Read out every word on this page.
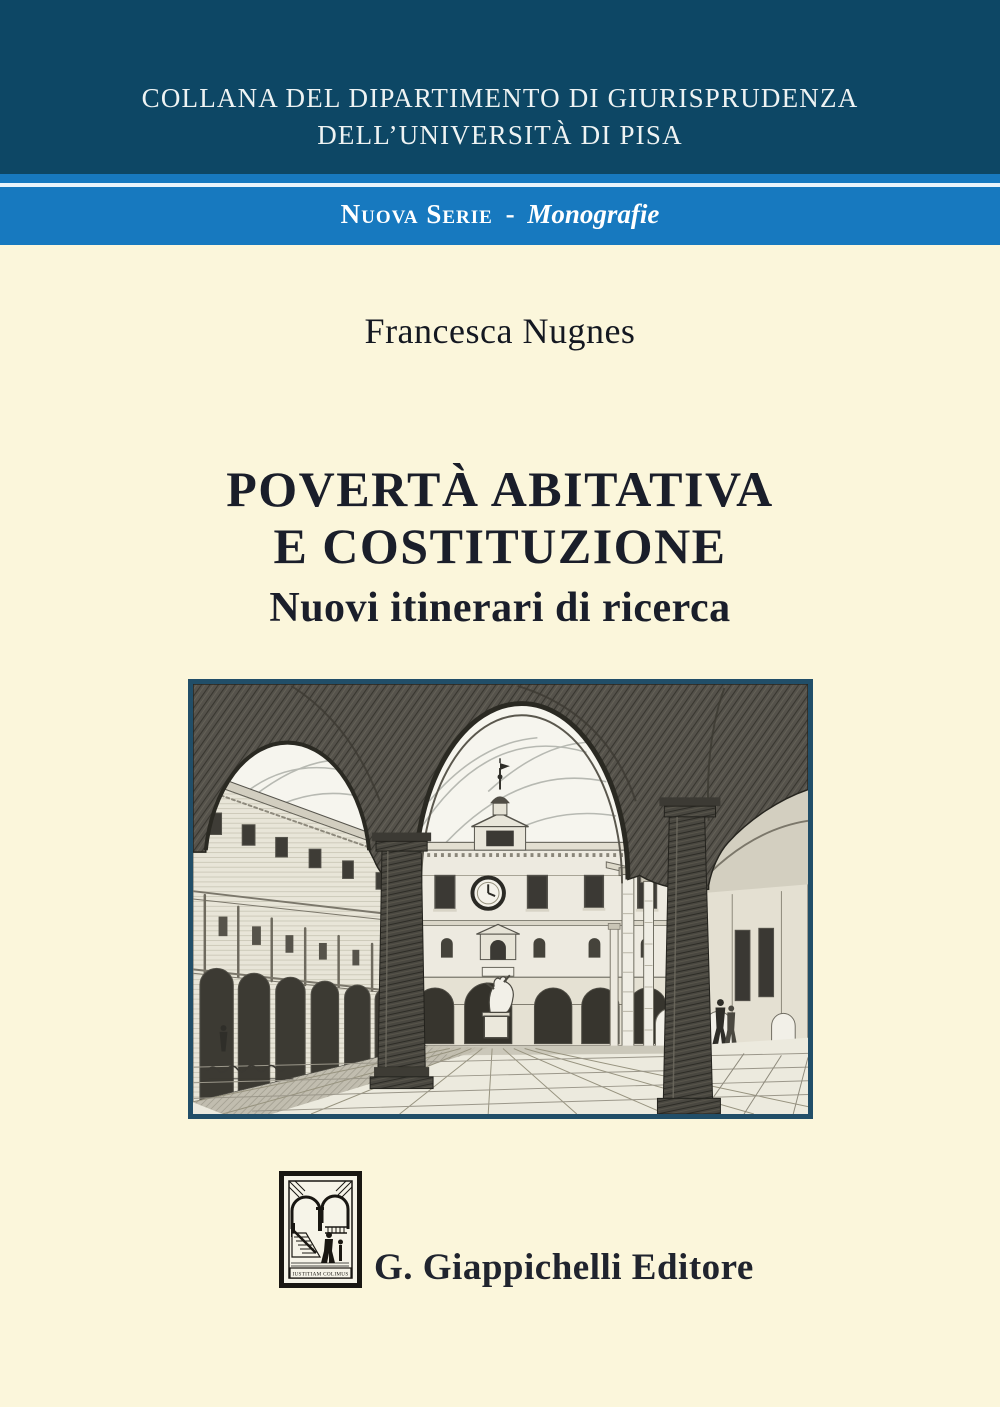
COLLANA DEL DIPARTIMENTO DI GIURISPRUDENZA
DELL’UNIVERSITÀ DI PISA
Nuova Serie - Monografie
Francesca Nugnes
POVERTÀ ABITATIVA
E COSTITUZIONE
Nuovi itinerari di ricerca
IUSTITIAM COLIMUS G. Giappichelli Editore
